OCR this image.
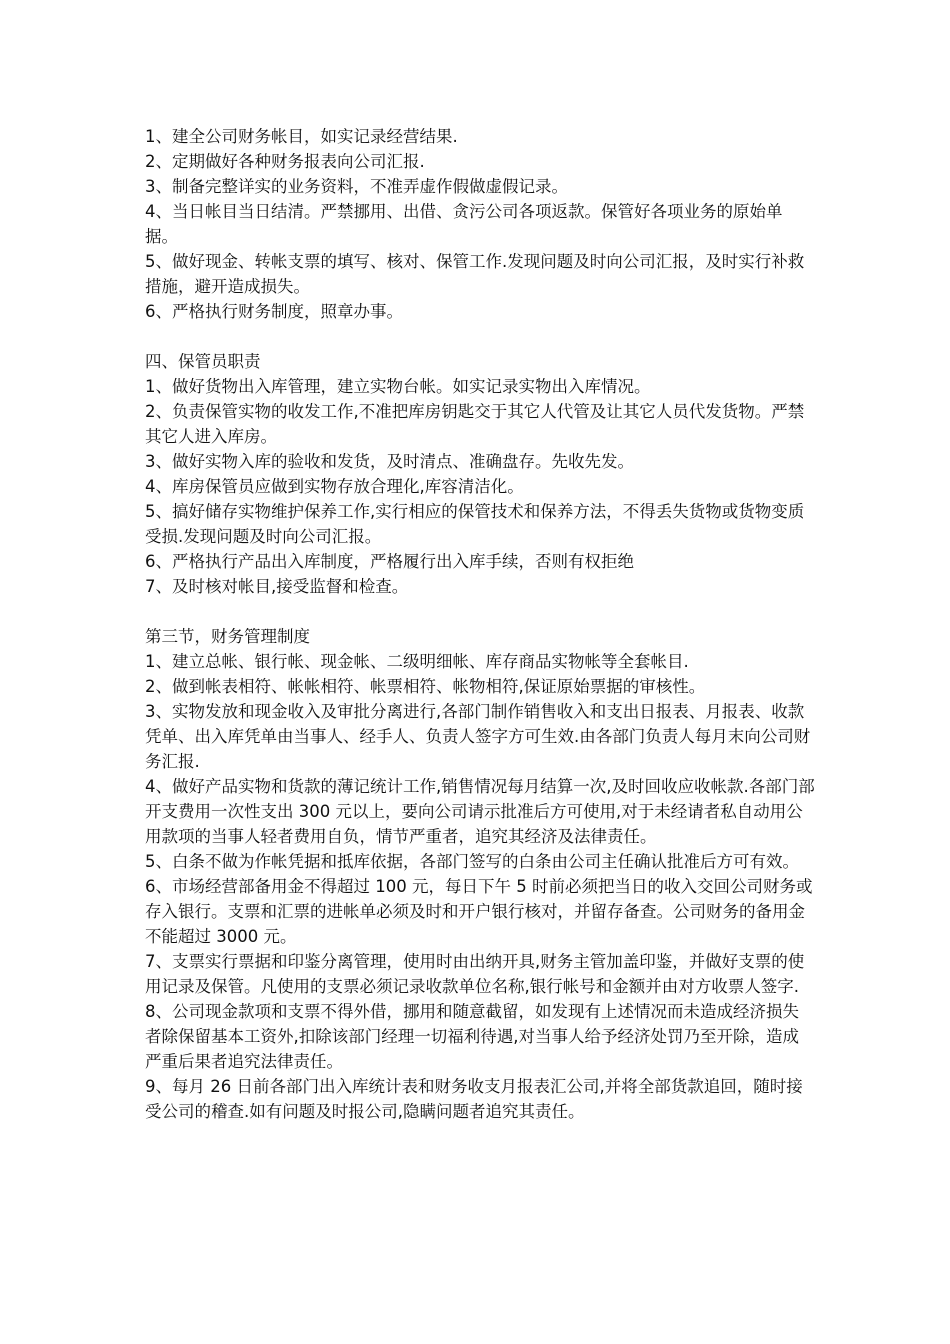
1、建全公司财务帐目，如实记录经营结果.

2、定期做好各种财务报表向公司汇报.

3、制备完整详实的业务资料，不准弄虚作假做虚假记录。

4、当日帐目当日结清。严禁挪用、出借、贪污公司各项返款。保管好各项业务的原始单据。

5、做好现金、转帐支票的填写、核对、保管工作.发现问题及时向公司汇报，及时实行补救措施，避开造成损失。

6、严格执行财务制度，照章办事。

四、保管员职责

1、做好货物出入库管理，建立实物台帐。如实记录实物出入库情况。

2、负责保管实物的收发工作,不准把库房钥匙交于其它人代管及让其它人员代发货物。严禁其它人进入库房。

3、做好实物入库的验收和发货，及时清点、准确盘存。先收先发。

4、库房保管员应做到实物存放合理化,库容清洁化。

5、搞好储存实物维护保养工作,实行相应的保管技术和保养方法，不得丢失货物或货物变质受损.发现问题及时向公司汇报。

6、严格执行产品出入库制度，严格履行出入库手续，否则有权拒绝

7、及时核对帐目,接受监督和检查。

第三节，财务管理制度

1、建立总帐、银行帐、现金帐、二级明细帐、库存商品实物帐等全套帐目.

2、做到帐表相符、帐帐相符、帐票相符、帐物相符,保证原始票据的审核性。

3、实物发放和现金收入及审批分离进行,各部门制作销售收入和支出日报表、月报表、收款凭单、出入库凭单由当事人、经手人、负责人签字方可生效.由各部门负责人每月末向公司财务汇报.

4、做好产品实物和货款的薄记统计工作,销售情况每月结算一次,及时回收应收帐款.各部门部开支费用一次性支出 300 元以上，要向公司请示批准后方可使用,对于未经请者私自动用公用款项的当事人轻者费用自负，情节严重者，追究其经济及法律责任。

5、白条不做为作帐凭据和抵库依据，各部门签写的白条由公司主任确认批准后方可有效。

6、市场经营部备用金不得超过 100 元，每日下午 5 时前必须把当日的收入交回公司财务或存入银行。支票和汇票的进帐单必须及时和开户银行核对，并留存备查。公司财务的备用金不能超过 3000 元。

7、支票实行票据和印鉴分离管理，使用时由出纳开具,财务主管加盖印鉴，并做好支票的使用记录及保管。凡使用的支票必须记录收款单位名称,银行帐号和金额并由对方收票人签字.

8、公司现金款项和支票不得外借，挪用和随意截留，如发现有上述情况而未造成经济损失者除保留基本工资外,扣除该部门经理一切福利待遇,对当事人给予经济处罚乃至开除，造成严重后果者追究法律责任。

9、每月 26 日前各部门出入库统计表和财务收支月报表汇公司,并将全部货款追回，随时接受公司的稽查.如有问题及时报公司,隐瞒问题者追究其责任。
